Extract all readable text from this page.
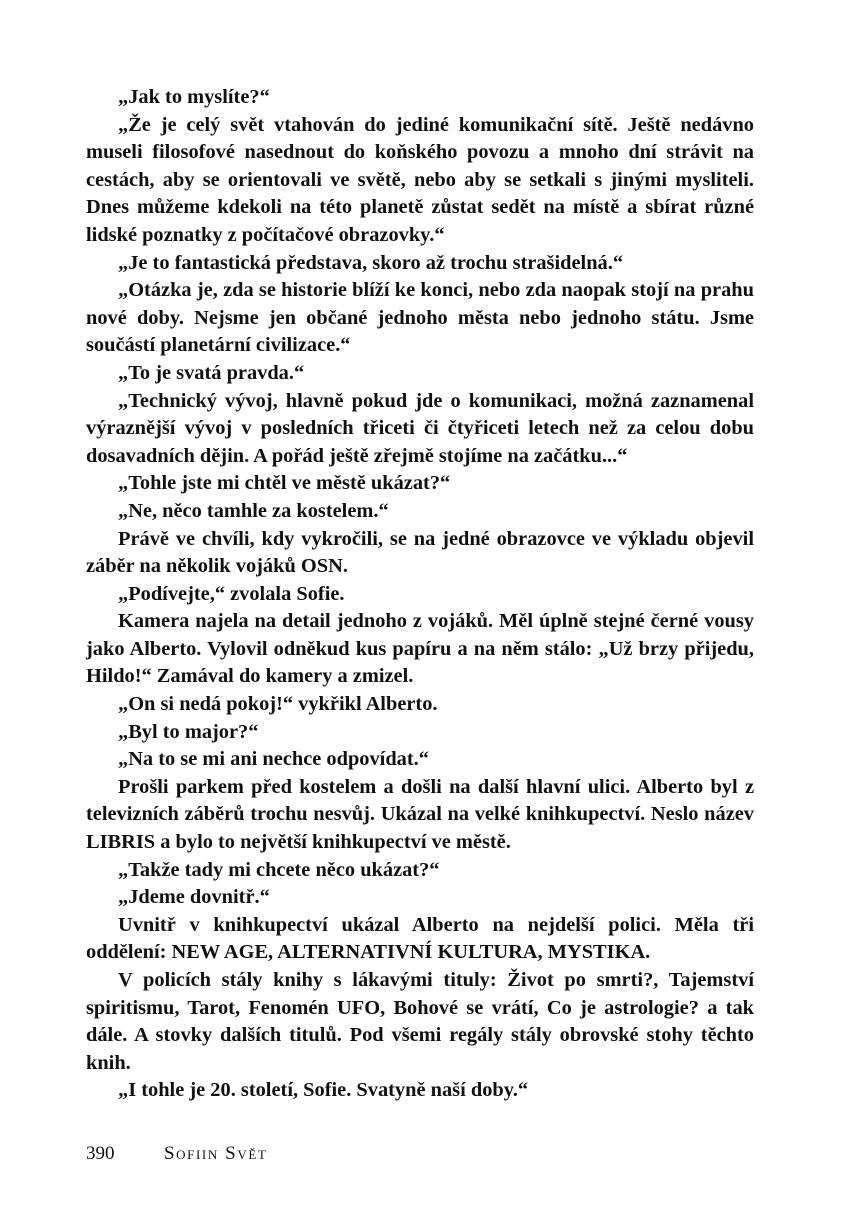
„Jak to myslíte?“

„Že je celý svět vtahován do jediné komunikační sítě. Ještě nedávno museli filosofové nasednout do koňského povozu a mnoho dní strávit na cestách, aby se orientovali ve světě, nebo aby se setkali s jinými mysliteli. Dnes můžeme kdekoli na této planetě zůstat sedět na místě a sbírat různé lidské poznatky z počítačové obrazovky.“

„Je to fantastická představa, skoro až trochu strašidelná.“

„Otázka je, zda se historie blíží ke konci, nebo zda naopak stojí na prahu nové doby. Nejsme jen občané jednoho města nebo jednoho státu. Jsme součástí planetární civilizace.“

„To je svatá pravda.“

„Technický vývoj, hlavně pokud jde o komunikaci, možná zaznamenal výraznější vývoj v posledních třiceti či čtyřiceti letech než za celou dobu dosavadních dějin. A pořád ještě zřejmě stojíme na začátku...“

„Tohle jste mi chtěl ve městě ukázat?“

„Ne, něco tamhle za kostelem.“

Právě ve chvíli, kdy vykročili, se na jedné obrazovce ve výkladu objevil záběr na několik vojáků OSN.

„Podívejte,“ zvolala Sofie.

Kamera najela na detail jednoho z vojáků. Měl úplně stejné černé vousy jako Alberto. Vylovil odněkud kus papíru a na něm stálo: „Už brzy přijedu, Hildo!“ Zamával do kamery a zmizel.

„On si nedá pokoj!“ vykřikl Alberto.

„Byl to major?“

„Na to se mi ani nechce odpovídat.“

Prošli parkem před kostelem a došli na další hlavní ulici. Alberto byl z televizních záběrů trochu nesvůj. Ukázal na velké knihkupectví. Neslo název LIBRIS a bylo to největší knihkupectví ve městě.

„Takže tady mi chcete něco ukázat?“

„Jdeme dovnitř.“

Uvnitř v knihkupectví ukázal Alberto na nejdelší polici. Měla tři oddělení: NEW AGE, ALTERNATIVNÍ KULTURA, MYSTIKA.

V policích stály knihy s lákavými tituly: Život po smrti?, Tajemství spiritismu, Tarot, Fenomén UFO, Bohové se vrátí, Co je astrologie? a tak dále. A stovky dalších titulů. Pod všemi regály stály obrovské stohy těchto knih.

„I tohle je 20. století, Sofie. Svatyně naší doby.“

390	Sofiin Svět
